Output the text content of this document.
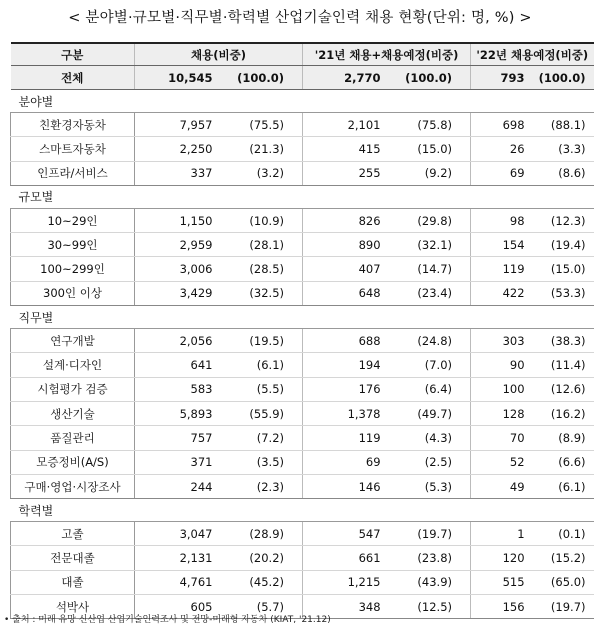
< 분야별·규모별·직무별·학력별 산업기술인력 채용 현황(단위: 명, %) >
구분	채용(비중)		'21년 채용+채용예정(비중)		'22년 채용예정(비중)	
전체	10,545	(100.0)	2,770	(100.0)	793	(100.0)
분야별						
친환경자동차	7,957	(75.5)	2,101	(75.8)	698	(88.1)
스마트자동차	2,250	(21.3)	415	(15.0)	26	(3.3)
인프라/서비스	337	(3.2)	255	(9.2)	69	(8.6)
규모별						
10~29인	1,150	(10.9)	826	(29.8)	98	(12.3)
30~99인	2,959	(28.1)	890	(32.1)	154	(19.4)
100~299인	3,006	(28.5)	407	(14.7)	119	(15.0)
300인 이상	3,429	(32.5)	648	(23.4)	422	(53.3)
직무별						
연구개발	2,056	(19.5)	688	(24.8)	303	(38.3)
설계·디자인	641	(6.1)	194	(7.0)	90	(11.4)
시험평가 검증	583	(5.5)	176	(6.4)	100	(12.6)
생산기술	5,893	(55.9)	1,378	(49.7)	128	(16.2)
품질관리	757	(7.2)	119	(4.3)	70	(8.9)
모증정비(A/S)	371	(3.5)	69	(2.5)	52	(6.6)
구매·영업·시장조사	244	(2.3)	146	(5.3)	49	(6.1)
학력별						
고졸	3,047	(28.9)	547	(19.7)	1	(0.1)
전문대졸	2,131	(20.2)	661	(23.8)	120	(15.2)
대졸	4,761	(45.2)	1,215	(43.9)	515	(65.0)
석박사	605	(5.7)	348	(12.5)	156	(19.7)
• 출처 : 미래 유망 신산업 산업기술인력조사 및 전망-미래형 자동차 (KIAT, '21.12)
